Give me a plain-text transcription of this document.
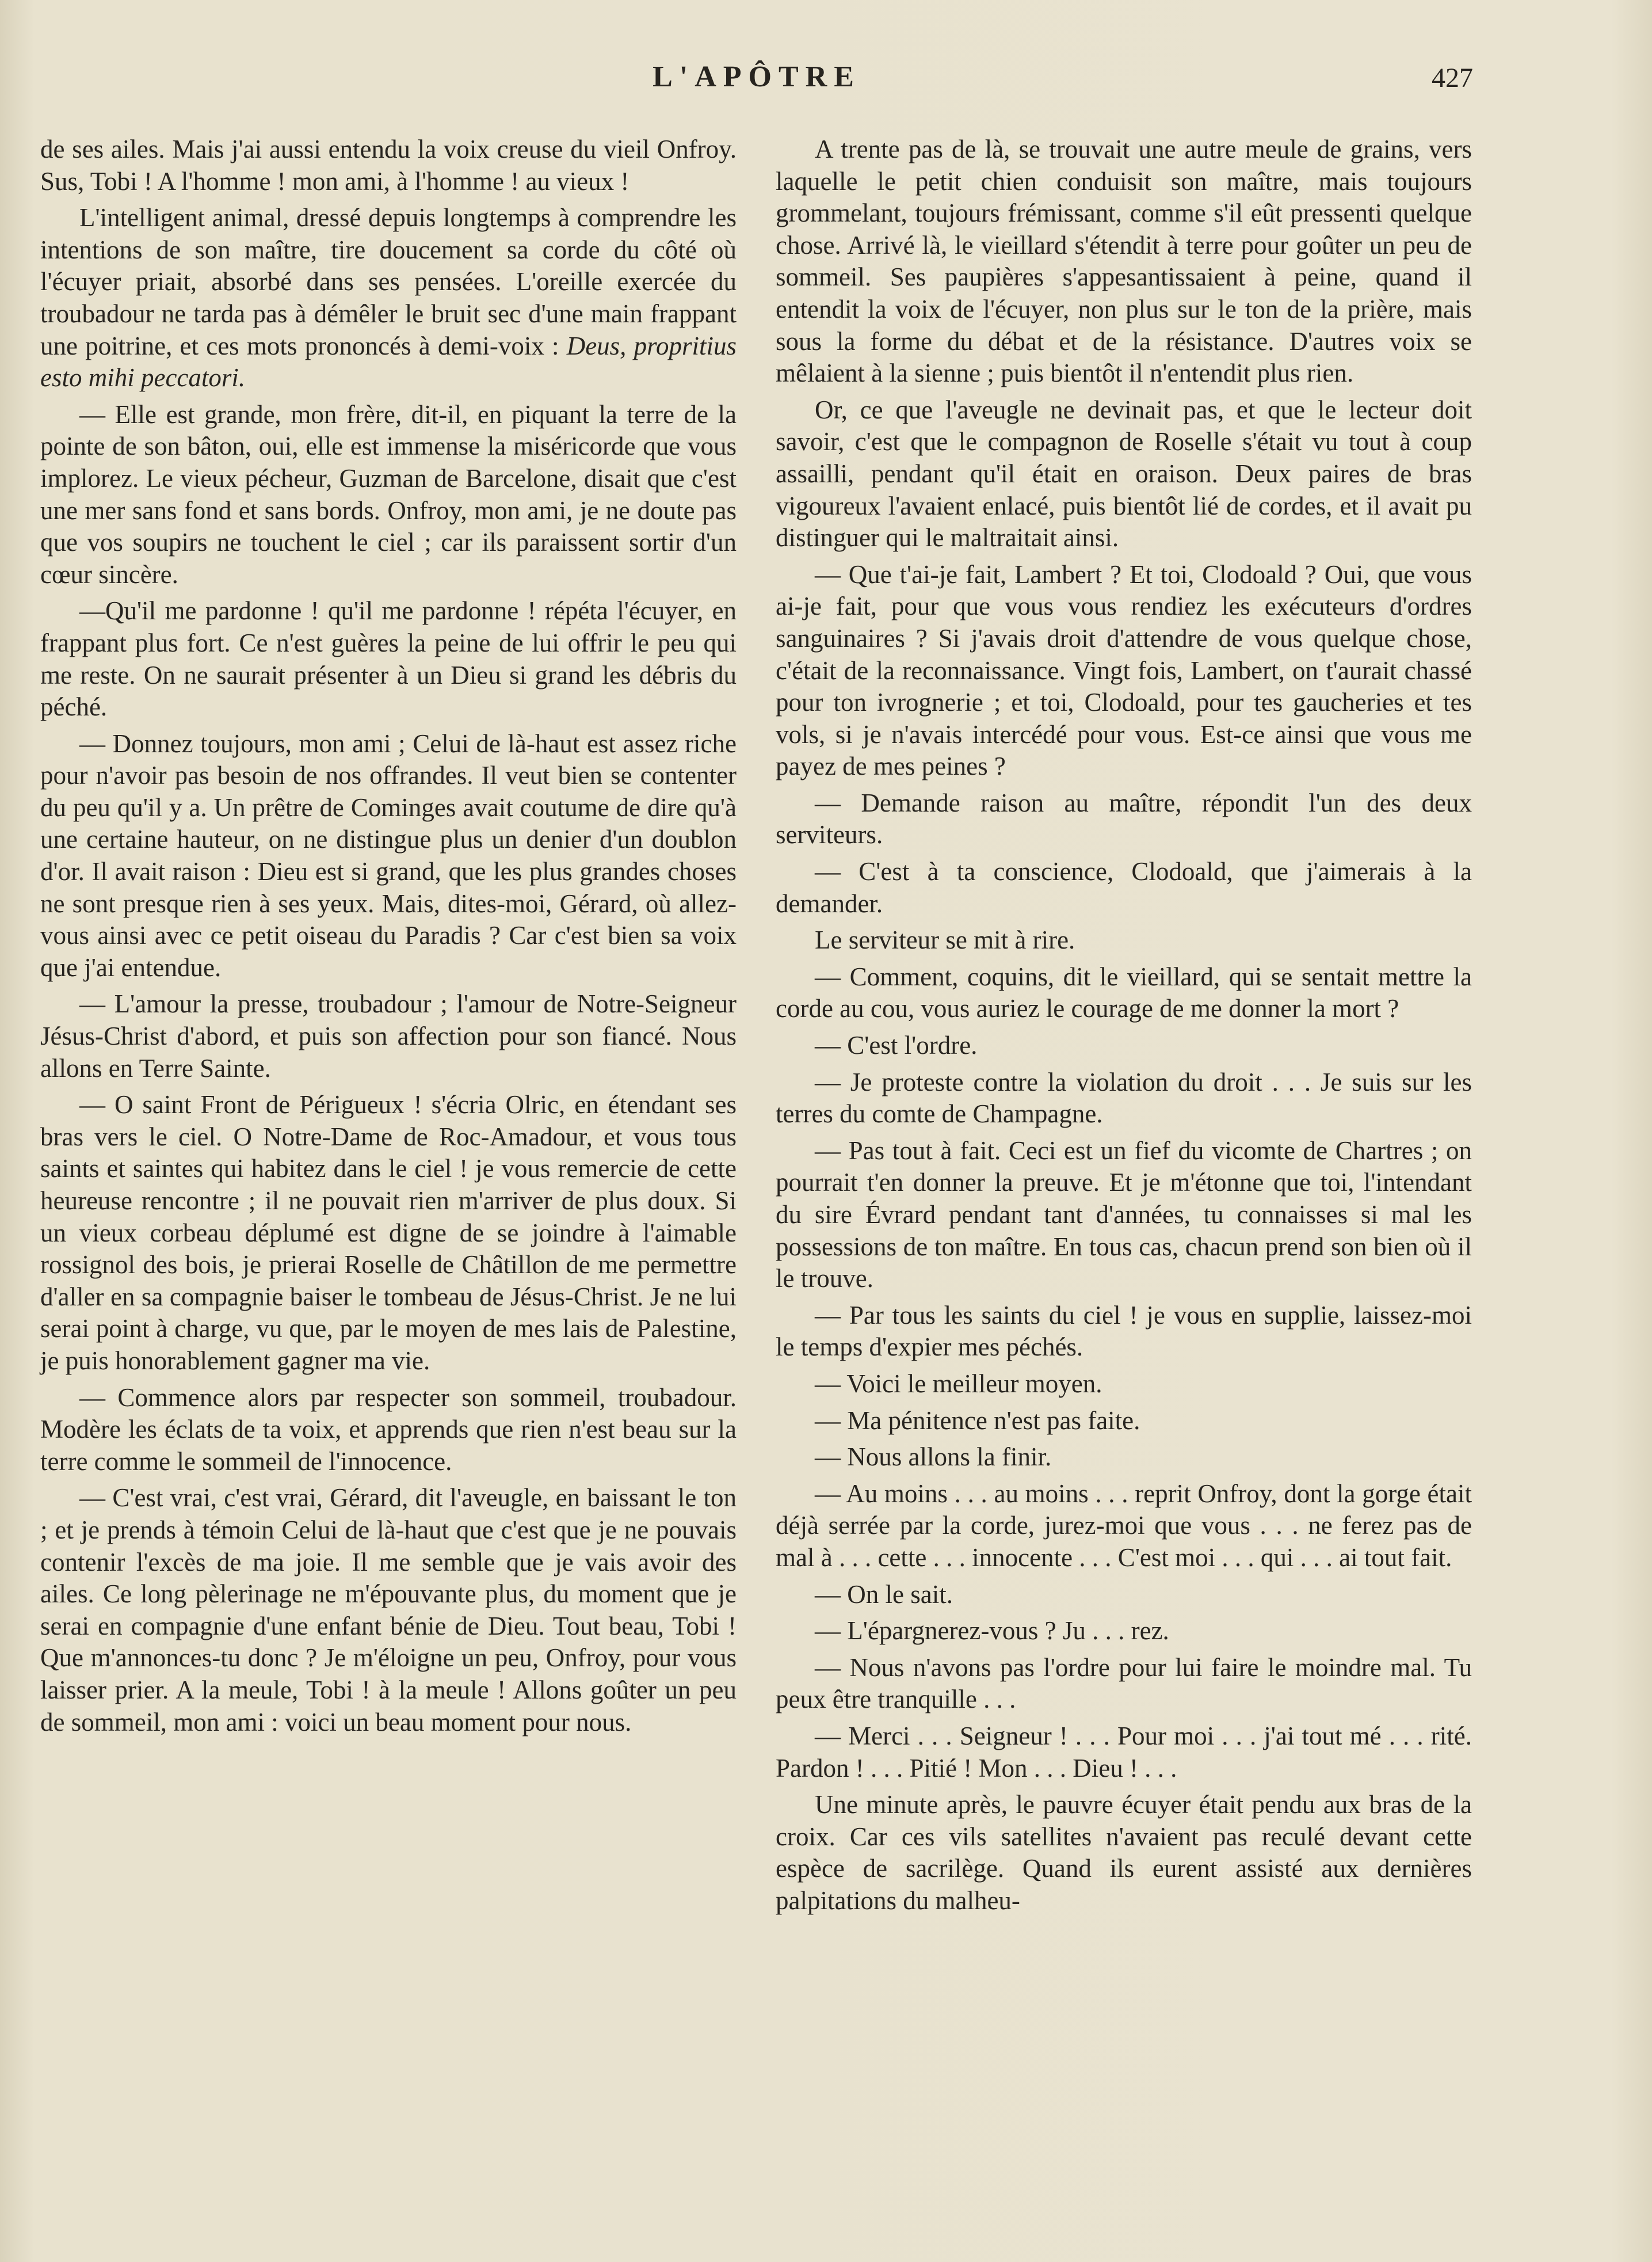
L'APÔTRE	427

de ses ailes. Mais j'ai aussi entendu la voix creuse du vieil Onfroy. Sus, Tobi ! A l'homme ! mon ami, à l'homme ! au vieux !

L'intelligent animal, dressé depuis longtemps à comprendre les intentions de son maître, tire doucement sa corde du côté où l'écuyer priait, absorbé dans ses pensées. L'oreille exercée du troubadour ne tarda pas à démêler le bruit sec d'une main frappant une poitrine, et ces mots prononcés à demi-voix : Deus, propritius esto mihi peccatori.

— Elle est grande, mon frère, dit-il, en piquant la terre de la pointe de son bâton, oui, elle est immense la miséricorde que vous implorez. Le vieux pécheur, Guzman de Barcelone, disait que c'est une mer sans fond et sans bords. Onfroy, mon ami, je ne doute pas que vos soupirs ne touchent le ciel ; car ils paraissent sortir d'un cœur sincère.

—Qu'il me pardonne ! qu'il me pardonne ! répéta l'écuyer, en frappant plus fort. Ce n'est guères la peine de lui offrir le peu qui me reste. On ne saurait présenter à un Dieu si grand les débris du péché.

— Donnez toujours, mon ami ; Celui de là-haut est assez riche pour n'avoir pas besoin de nos offrandes. Il veut bien se contenter du peu qu'il y a. Un prêtre de Cominges avait coutume de dire qu'à une certaine hauteur, on ne distingue plus un denier d'un doublon d'or. Il avait raison : Dieu est si grand, que les plus grandes choses ne sont presque rien à ses yeux. Mais, dites-moi, Gérard, où allez-vous ainsi avec ce petit oiseau du Paradis ? Car c'est bien sa voix que j'ai entendue.

— L'amour la presse, troubadour ; l'amour de Notre-Seigneur Jésus-Christ d'abord, et puis son affection pour son fiancé. Nous allons en Terre Sainte.

— O saint Front de Périgueux ! s'écria Olric, en étendant ses bras vers le ciel. O Notre-Dame de Roc-Amadour, et vous tous saints et saintes qui habitez dans le ciel ! je vous remercie de cette heureuse rencontre ; il ne pouvait rien m'arriver de plus doux. Si un vieux corbeau déplumé est digne de se joindre à l'aimable rossignol des bois, je prierai Roselle de Châtillon de me permettre d'aller en sa compagnie baiser le tombeau de Jésus-Christ. Je ne lui serai point à charge, vu que, par le moyen de mes lais de Palestine, je puis honorablement gagner ma vie.

— Commence alors par respecter son sommeil, troubadour. Modère les éclats de ta voix, et apprends que rien n'est beau sur la terre comme le sommeil de l'innocence.

— C'est vrai, c'est vrai, Gérard, dit l'aveugle, en baissant le ton ; et je prends à témoin Celui de là-haut que c'est que je ne pouvais contenir l'excès de ma joie. Il me semble que je vais avoir des ailes. Ce long pèlerinage ne m'épouvante plus, du moment que je serai en compagnie d'une enfant bénie de Dieu. Tout beau, Tobi ! Que m'annonces-tu donc ? Je m'éloigne un peu, Onfroy, pour vous laisser prier. A la meule, Tobi ! à la meule ! Allons goûter un peu de sommeil, mon ami : voici un beau moment pour nous.

A trente pas de là, se trouvait une autre meule de grains, vers laquelle le petit chien conduisit son maître, mais toujours grommelant, toujours frémissant, comme s'il eût pressenti quelque chose. Arrivé là, le vieillard s'étendit à terre pour goûter un peu de sommeil. Ses paupières s'appesantissaient à peine, quand il entendit la voix de l'écuyer, non plus sur le ton de la prière, mais sous la forme du débat et de la résistance. D'autres voix se mêlaient à la sienne ; puis bientôt il n'entendit plus rien.

Or, ce que l'aveugle ne devinait pas, et que le lecteur doit savoir, c'est que le compagnon de Roselle s'était vu tout à coup assailli, pendant qu'il était en oraison. Deux paires de bras vigoureux l'avaient enlacé, puis bientôt lié de cordes, et il avait pu distinguer qui le maltraitait ainsi.

— Que t'ai-je fait, Lambert ? Et toi, Clodoald ? Oui, que vous ai-je fait, pour que vous vous rendiez les exécuteurs d'ordres sanguinaires ? Si j'avais droit d'attendre de vous quelque chose, c'était de la reconnaissance. Vingt fois, Lambert, on t'aurait chassé pour ton ivrognerie ; et toi, Clodoald, pour tes gaucheries et tes vols, si je n'avais intercédé pour vous. Est-ce ainsi que vous me payez de mes peines ?

— Demande raison au maître, répondit l'un des deux serviteurs.

— C'est à ta conscience, Clodoald, que j'aimerais à la demander.

Le serviteur se mit à rire.

— Comment, coquins, dit le vieillard, qui se sentait mettre la corde au cou, vous auriez le courage de me donner la mort ?

— C'est l'ordre.

— Je proteste contre la violation du droit . . . Je suis sur les terres du comte de Champagne.

— Pas tout à fait. Ceci est un fief du vicomte de Chartres ; on pourrait t'en donner la preuve. Et je m'étonne que toi, l'intendant du sire Évrard pendant tant d'années, tu connaisses si mal les possessions de ton maître. En tous cas, chacun prend son bien où il le trouve.

— Par tous les saints du ciel ! je vous en supplie, laissez-moi le temps d'expier mes péchés.

— Voici le meilleur moyen.

— Ma pénitence n'est pas faite.

— Nous allons la finir.

— Au moins . . . au moins . . . reprit Onfroy, dont la gorge était déjà serrée par la corde, jurez-moi que vous . . . ne ferez pas de mal à . . . cette . . . innocente . . . C'est moi . . . qui . . . ai tout fait.

— On le sait.

— L'épargnerez-vous ? Ju . . . rez.

— Nous n'avons pas l'ordre pour lui faire le moindre mal. Tu peux être tranquille . . .

— Merci . . . Seigneur ! . . . Pour moi . . . j'ai tout mé . . . rité. Pardon ! . . . Pitié ! Mon . . . Dieu ! . . .

Une minute après, le pauvre écuyer était pendu aux bras de la croix. Car ces vils satellites n'avaient pas reculé devant cette espèce de sacrilège. Quand ils eurent assisté aux dernières palpitations du malheu-
